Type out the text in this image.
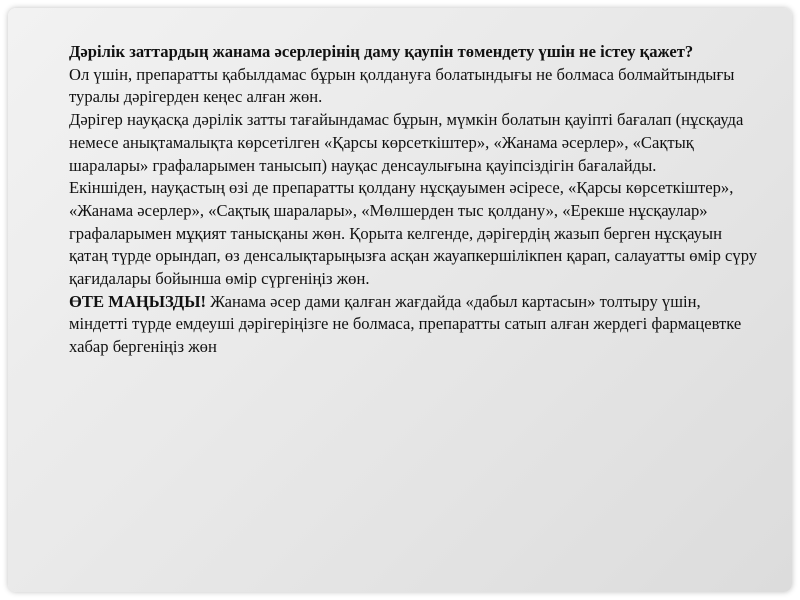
Дәрілік заттардың жанама әсерлерінің даму қаупін төмендету үшін не істеу қажет?

Ол үшін, препаратты қабылдамас бұрын қолдануға болатындығы не болмаса болмайтындығы туралы дәрігерден кеңес алған жөн.

Дәрігер науқасқа дәрілік затты тағайындамас бұрын, мүмкін болатын қауіпті бағалап (нұсқауда немесе анықтамалықта көрсетілген «Қарсы көрсеткіштер», «Жанама әсерлер», «Сақтық шаралары» графаларымен танысып) науқас денсаулығына қауіпсіздігін бағалайды.

Екіншіден, науқастың өзі де препаратты қолдану нұсқауымен әсіресе, «Қарсы көрсеткіштер», «Жанама әсерлер», «Сақтық шаралары», «Мөлшерден тыс қолдану», «Ерекше нұсқаулар» графаларымен мұқият танысқаны жөн. Қорыта келгенде, дәрігердің жазып берген нұсқауын қатаң түрде орындап, өз денсалықтарыңызға асқан жауапкершілікпен қарап, салауатты өмір сүру қағидалары бойынша өмір сүргеніңіз жөн.

ӨТЕ МАҢЫЗДЫ! Жанама әсер дами қалған жағдайда «дабыл картасын» толтыру үшін, міндетті түрде емдеуші дәрігеріңізге не болмаса, препаратты сатып алған жердегі фармацевтке хабар бергеніңіз жөн
